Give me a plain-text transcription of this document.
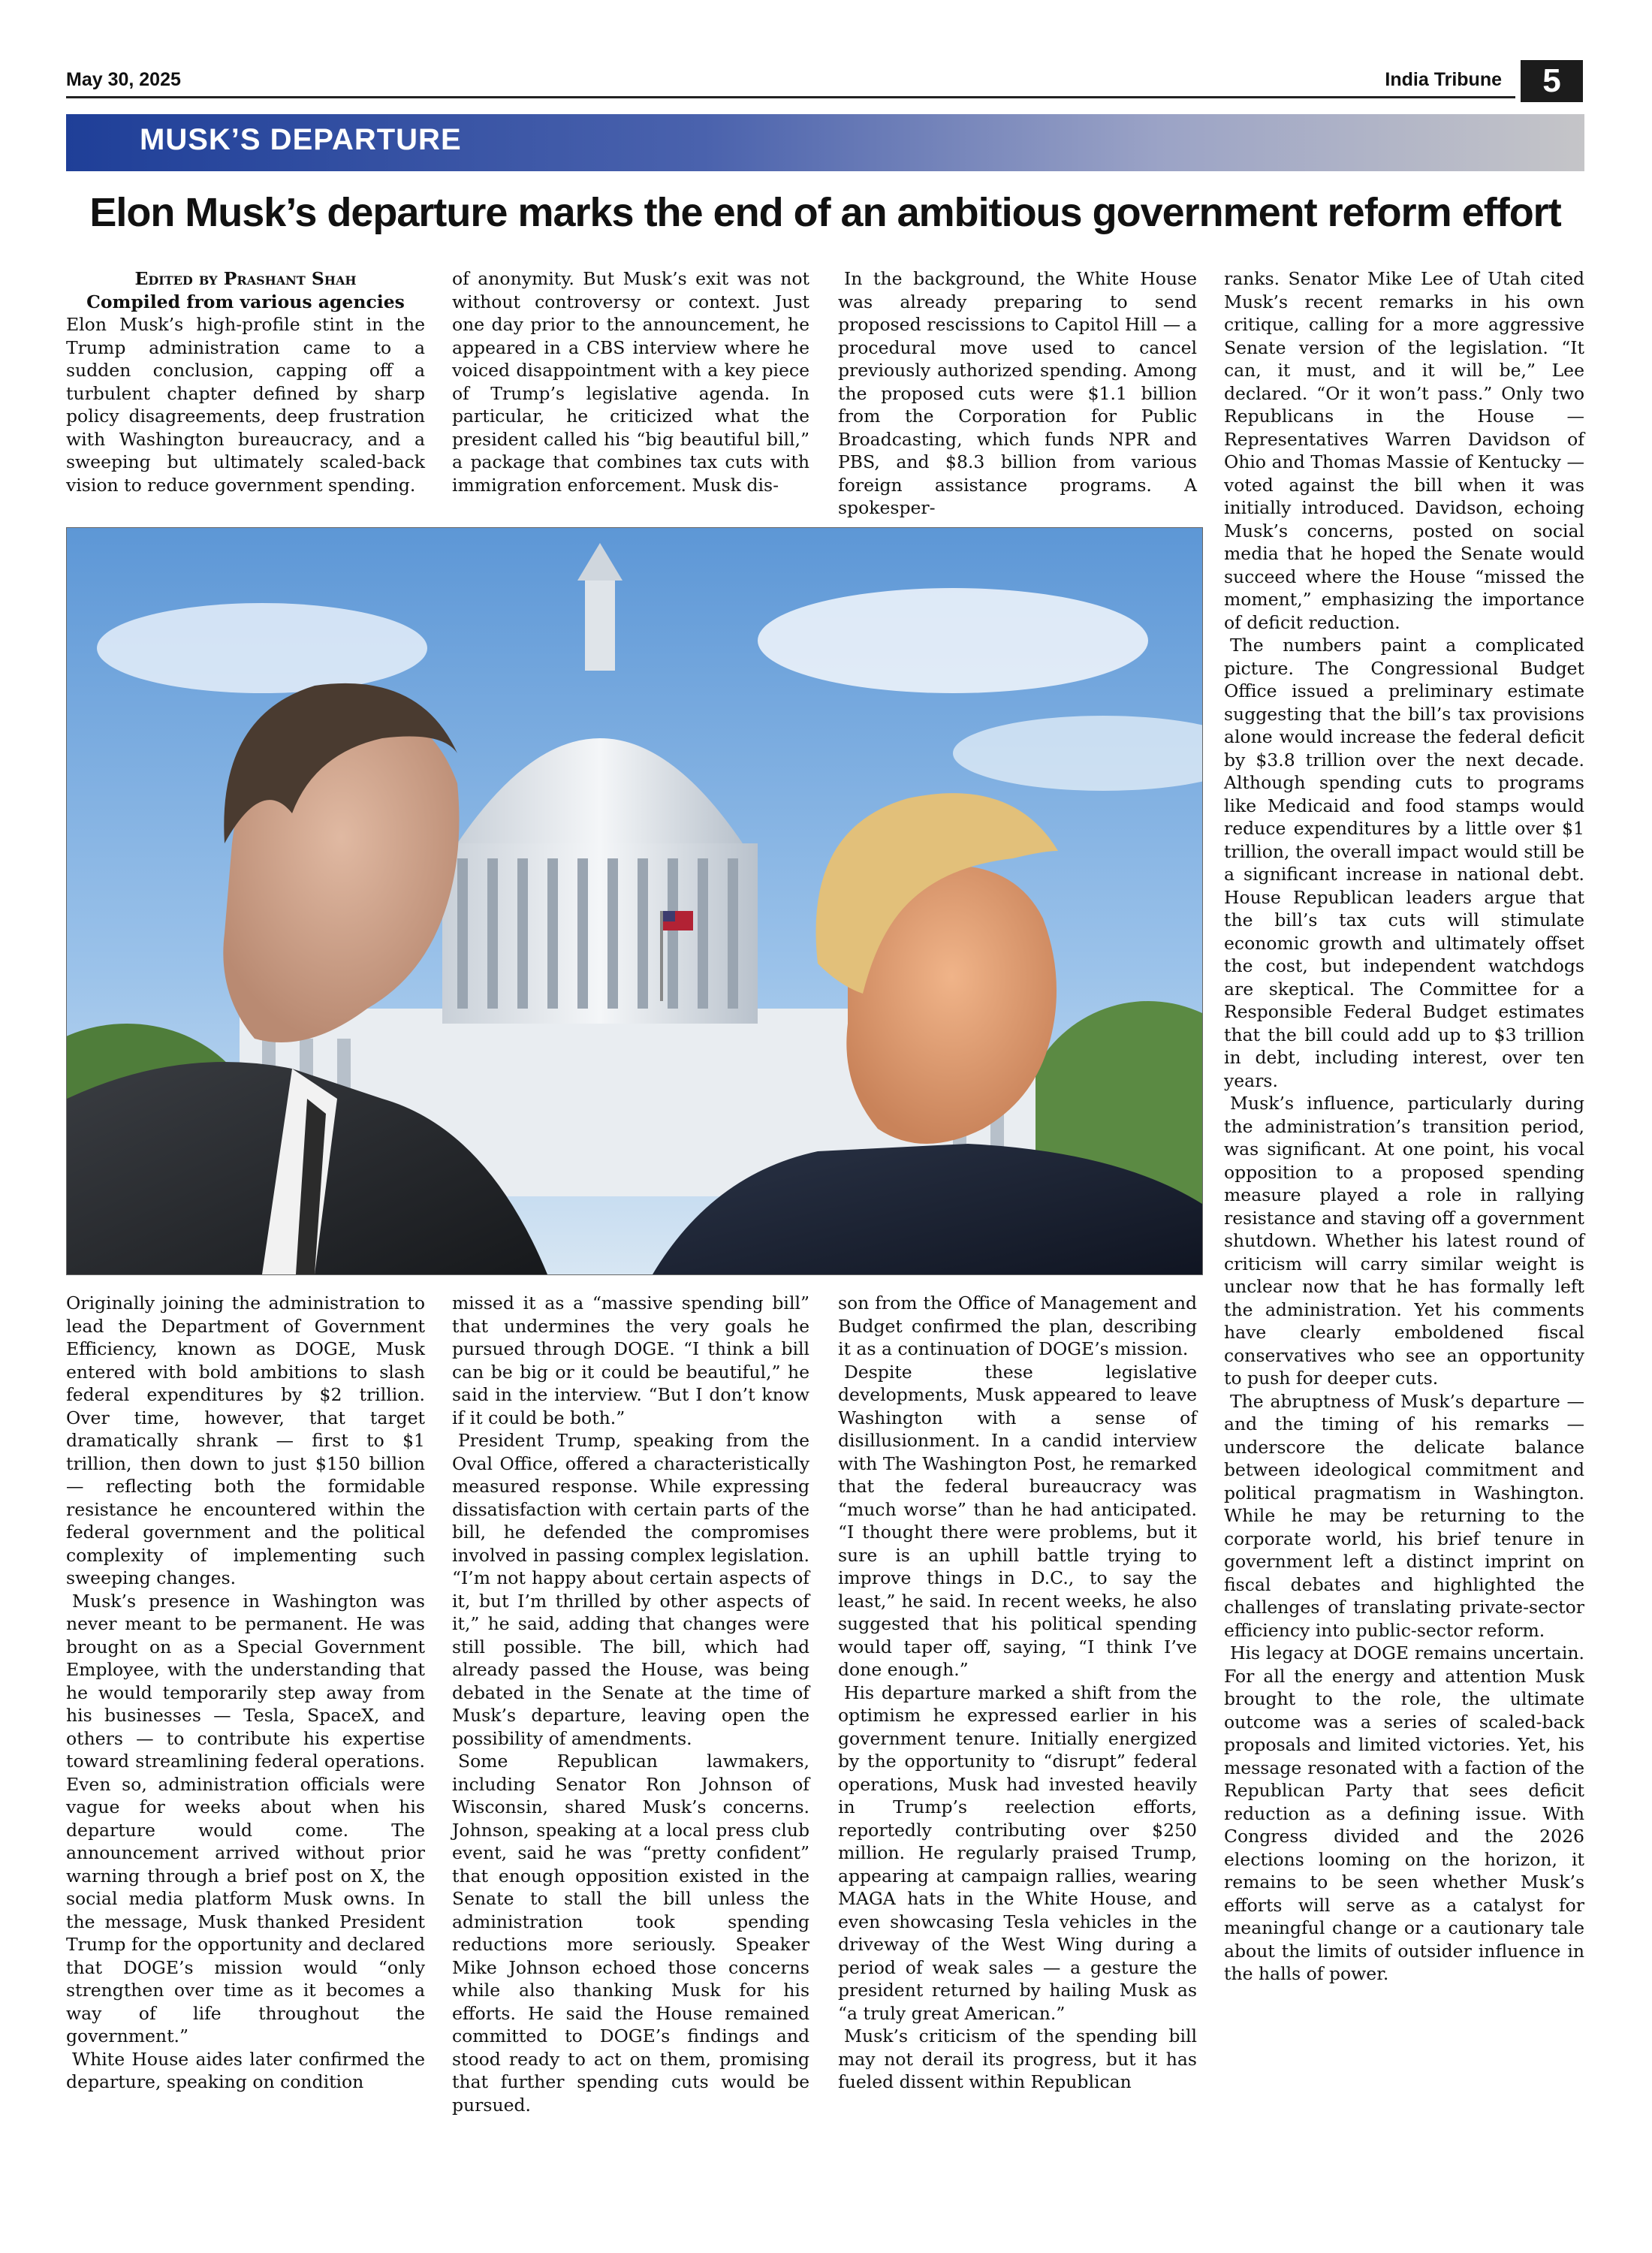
May 30, 2025	India Tribune	5
MUSK’S DEPARTURE
Elon Musk’s departure marks the end of an ambitious government reform effort

Edited by Prashant Shah

Compiled from various agencies

Elon Musk’s high-profile stint in the Trump administration came to a sudden conclusion, capping off a turbulent chapter defined by sharp policy disagreements, deep frustration with Washington bureaucracy, and a sweeping but ultimately scaled-back vision to reduce government spending.

of anonymity. But Musk’s exit was not without controversy or context. Just one day prior to the announcement, he appeared in a CBS interview where he voiced disappointment with a key piece of Trump’s legislative agenda. In particular, he criticized what the president called his “big beautiful bill,” a package that combines tax cuts with immigration enforcement. Musk dis-

In the background, the White House was already preparing to send proposed rescissions to Capitol Hill — a procedural move used to cancel previously authorized spending. Among the proposed cuts were $1.1 billion from the Corporation for Public Broadcasting, which funds NPR and PBS, and $8.3 billion from various foreign assistance programs. A spokesper-

ranks. Senator Mike Lee of Utah cited Musk’s recent remarks in his own critique, calling for a more aggressive Senate version of the legislation. “It can, it must, and it will be,” Lee declared. “Or it won’t pass.” Only two Republicans in the House — Representatives Warren Davidson of Ohio and Thomas Massie of Kentucky — voted against the bill when it was initially introduced. Davidson, echoing Musk’s concerns, posted on social media that he hoped the Senate would succeed where the House “missed the moment,” emphasizing the importance of deficit reduction.

The numbers paint a complicated picture. The Congressional Budget Office issued a preliminary estimate suggesting that the bill’s tax provisions alone would increase the federal deficit by $3.8 trillion over the next decade. Although spending cuts to programs like Medicaid and food stamps would reduce expenditures by a little over $1 trillion, the overall impact would still be a significant increase in national debt. House Republican leaders argue that the bill’s tax cuts will stimulate economic growth and ultimately offset the cost, but independent watchdogs are skeptical. The Committee for a Responsible Federal Budget estimates that the bill could add up to $3 trillion in debt, including interest, over ten years.

Musk’s influence, particularly during the administration’s transition period, was significant. At one point, his vocal opposition to a proposed spending measure played a role in rallying resistance and staving off a government shutdown. Whether his latest round of criticism will carry similar weight is unclear now that he has formally left the administration. Yet his comments have clearly emboldened fiscal conservatives who see an opportunity to push for deeper cuts.

The abruptness of Musk’s departure — and the timing of his remarks — underscore the delicate balance between ideological commitment and political pragmatism in Washington. While he may be returning to the corporate world, his brief tenure in government left a distinct imprint on fiscal debates and highlighted the challenges of translating private-sector efficiency into public-sector reform.

His legacy at DOGE remains uncertain. For all the energy and attention Musk brought to the role, the ultimate outcome was a series of scaled-back proposals and limited victories. Yet, his message resonated with a faction of the Republican Party that sees deficit reduction as a defining issue. With Congress divided and the 2026 elections looming on the horizon, it remains to be seen whether Musk’s efforts will serve as a catalyst for meaningful change or a cautionary tale about the limits of outsider influence in the halls of power.

Originally joining the administration to lead the Department of Government Efficiency, known as DOGE, Musk entered with bold ambitions to slash federal expenditures by $2 trillion. Over time, however, that target dramatically shrank — first to $1 trillion, then down to just $150 billion — reflecting both the formidable resistance he encountered within the federal government and the political complexity of implementing such sweeping changes.

Musk’s presence in Washington was never meant to be permanent. He was brought on as a Special Government Employee, with the understanding that he would temporarily step away from his businesses — Tesla, SpaceX, and others — to contribute his expertise toward streamlining federal operations. Even so, administration officials were vague for weeks about when his departure would come. The announcement arrived without prior warning through a brief post on X, the social media platform Musk owns. In the message, Musk thanked President Trump for the opportunity and declared that DOGE’s mission would “only strengthen over time as it becomes a way of life throughout the government.”

White House aides later confirmed the departure, speaking on condition

missed it as a “massive spending bill” that undermines the very goals he pursued through DOGE. “I think a bill can be big or it could be beautiful,” he said in the interview. “But I don’t know if it could be both.”

President Trump, speaking from the Oval Office, offered a characteristically measured response. While expressing dissatisfaction with certain parts of the bill, he defended the compromises involved in passing complex legislation. “I’m not happy about certain aspects of it, but I’m thrilled by other aspects of it,” he said, adding that changes were still possible. The bill, which had already passed the House, was being debated in the Senate at the time of Musk’s departure, leaving open the possibility of amendments.

Some Republican lawmakers, including Senator Ron Johnson of Wisconsin, shared Musk’s concerns. Johnson, speaking at a local press club event, said he was “pretty confident” that enough opposition existed in the Senate to stall the bill unless the administration took spending reductions more seriously. Speaker Mike Johnson echoed those concerns while also thanking Musk for his efforts. He said the House remained committed to DOGE’s findings and stood ready to act on them, promising that further spending cuts would be pursued.

son from the Office of Management and Budget confirmed the plan, describing it as a continuation of DOGE’s mission.

Despite these legislative developments, Musk appeared to leave Washington with a sense of disillusionment. In a candid interview with The Washington Post, he remarked that the federal bureaucracy was “much worse” than he had anticipated. “I thought there were problems, but it sure is an uphill battle trying to improve things in D.C., to say the least,” he said. In recent weeks, he also suggested that his political spending would taper off, saying, “I think I’ve done enough.”

His departure marked a shift from the optimism he expressed earlier in his government tenure. Initially energized by the opportunity to “disrupt” federal operations, Musk had invested heavily in Trump’s reelection efforts, reportedly contributing over $250 million. He regularly praised Trump, appearing at campaign rallies, wearing MAGA hats in the White House, and even showcasing Tesla vehicles in the driveway of the West Wing during a period of weak sales — a gesture the president returned by hailing Musk as “a truly great American.”

Musk’s criticism of the spending bill may not derail its progress, but it has fueled dissent within Republican
